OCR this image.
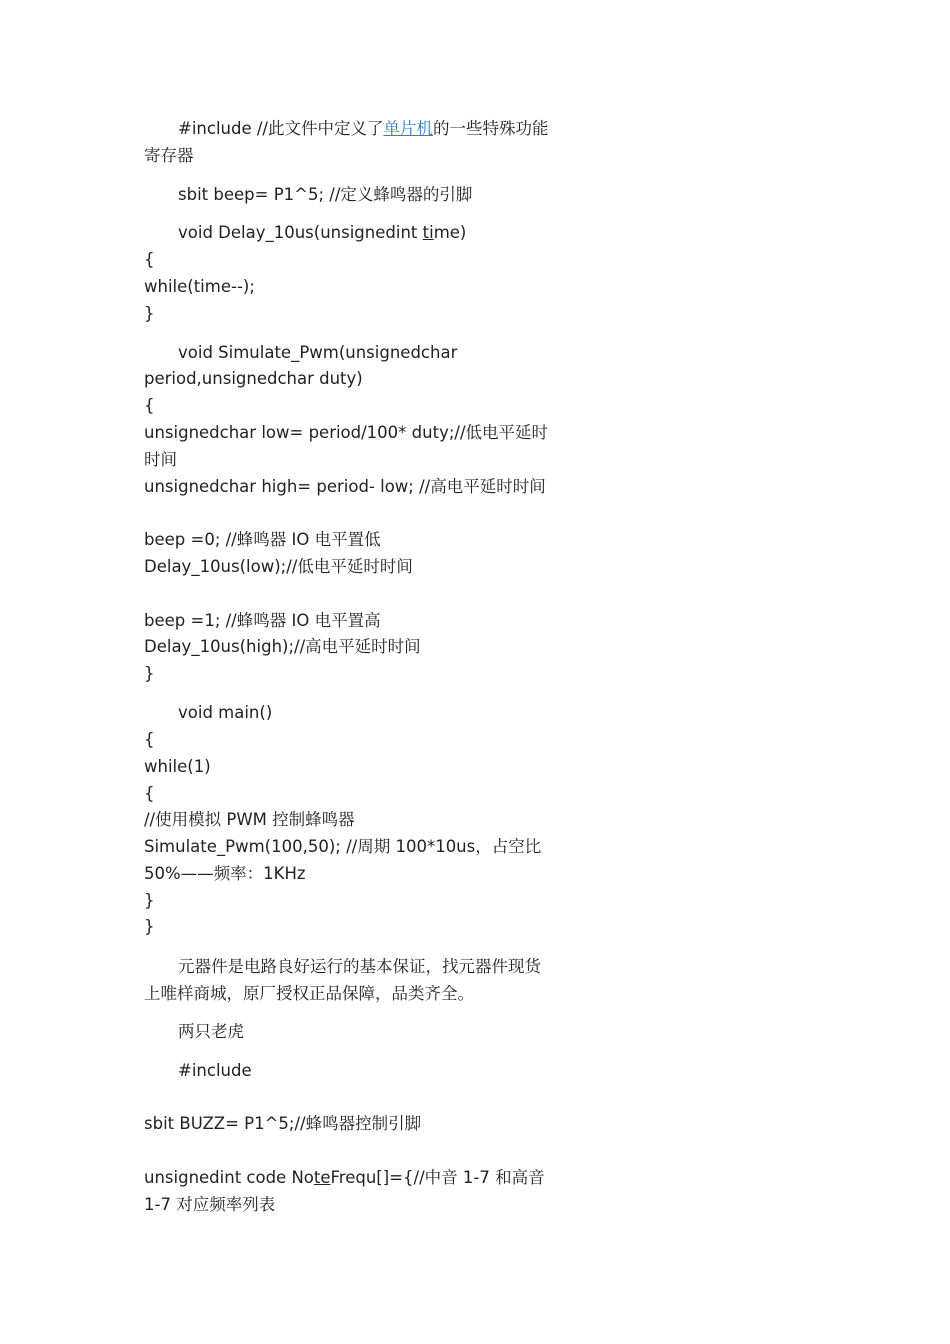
#include //此文件中定义了单片机的一些特殊功能

寄存器

sbit beep= P1^5; //定义蜂鸣器的引脚

void Delay_10us(unsignedint time)

{

while(time--);

}

void Simulate_Pwm(unsignedchar

period,unsignedchar duty)

{

unsignedchar low= period/100* duty;//低电平延时

时间

unsignedchar high= period- low; //高电平延时时间

beep =0; //蜂鸣器 IO 电平置低

Delay_10us(low);//低电平延时时间

beep =1; //蜂鸣器 IO 电平置高

Delay_10us(high);//高电平延时时间

}

void main()

{

while(1)

{

//使用模拟 PWM 控制蜂鸣器

Simulate_Pwm(100,50); //周期 100*10us，占空比

50%——频率：1KHz

}

}

元器件是电路良好运行的基本保证，找元器件现货

上唯样商城，原厂授权正品保障，品类齐全。

两只老虎

#include

sbit BUZZ= P1^5;//蜂鸣器控制引脚

unsignedint code NoteFrequ[]={//中音 1-7 和高音

1-7 对应频率列表
